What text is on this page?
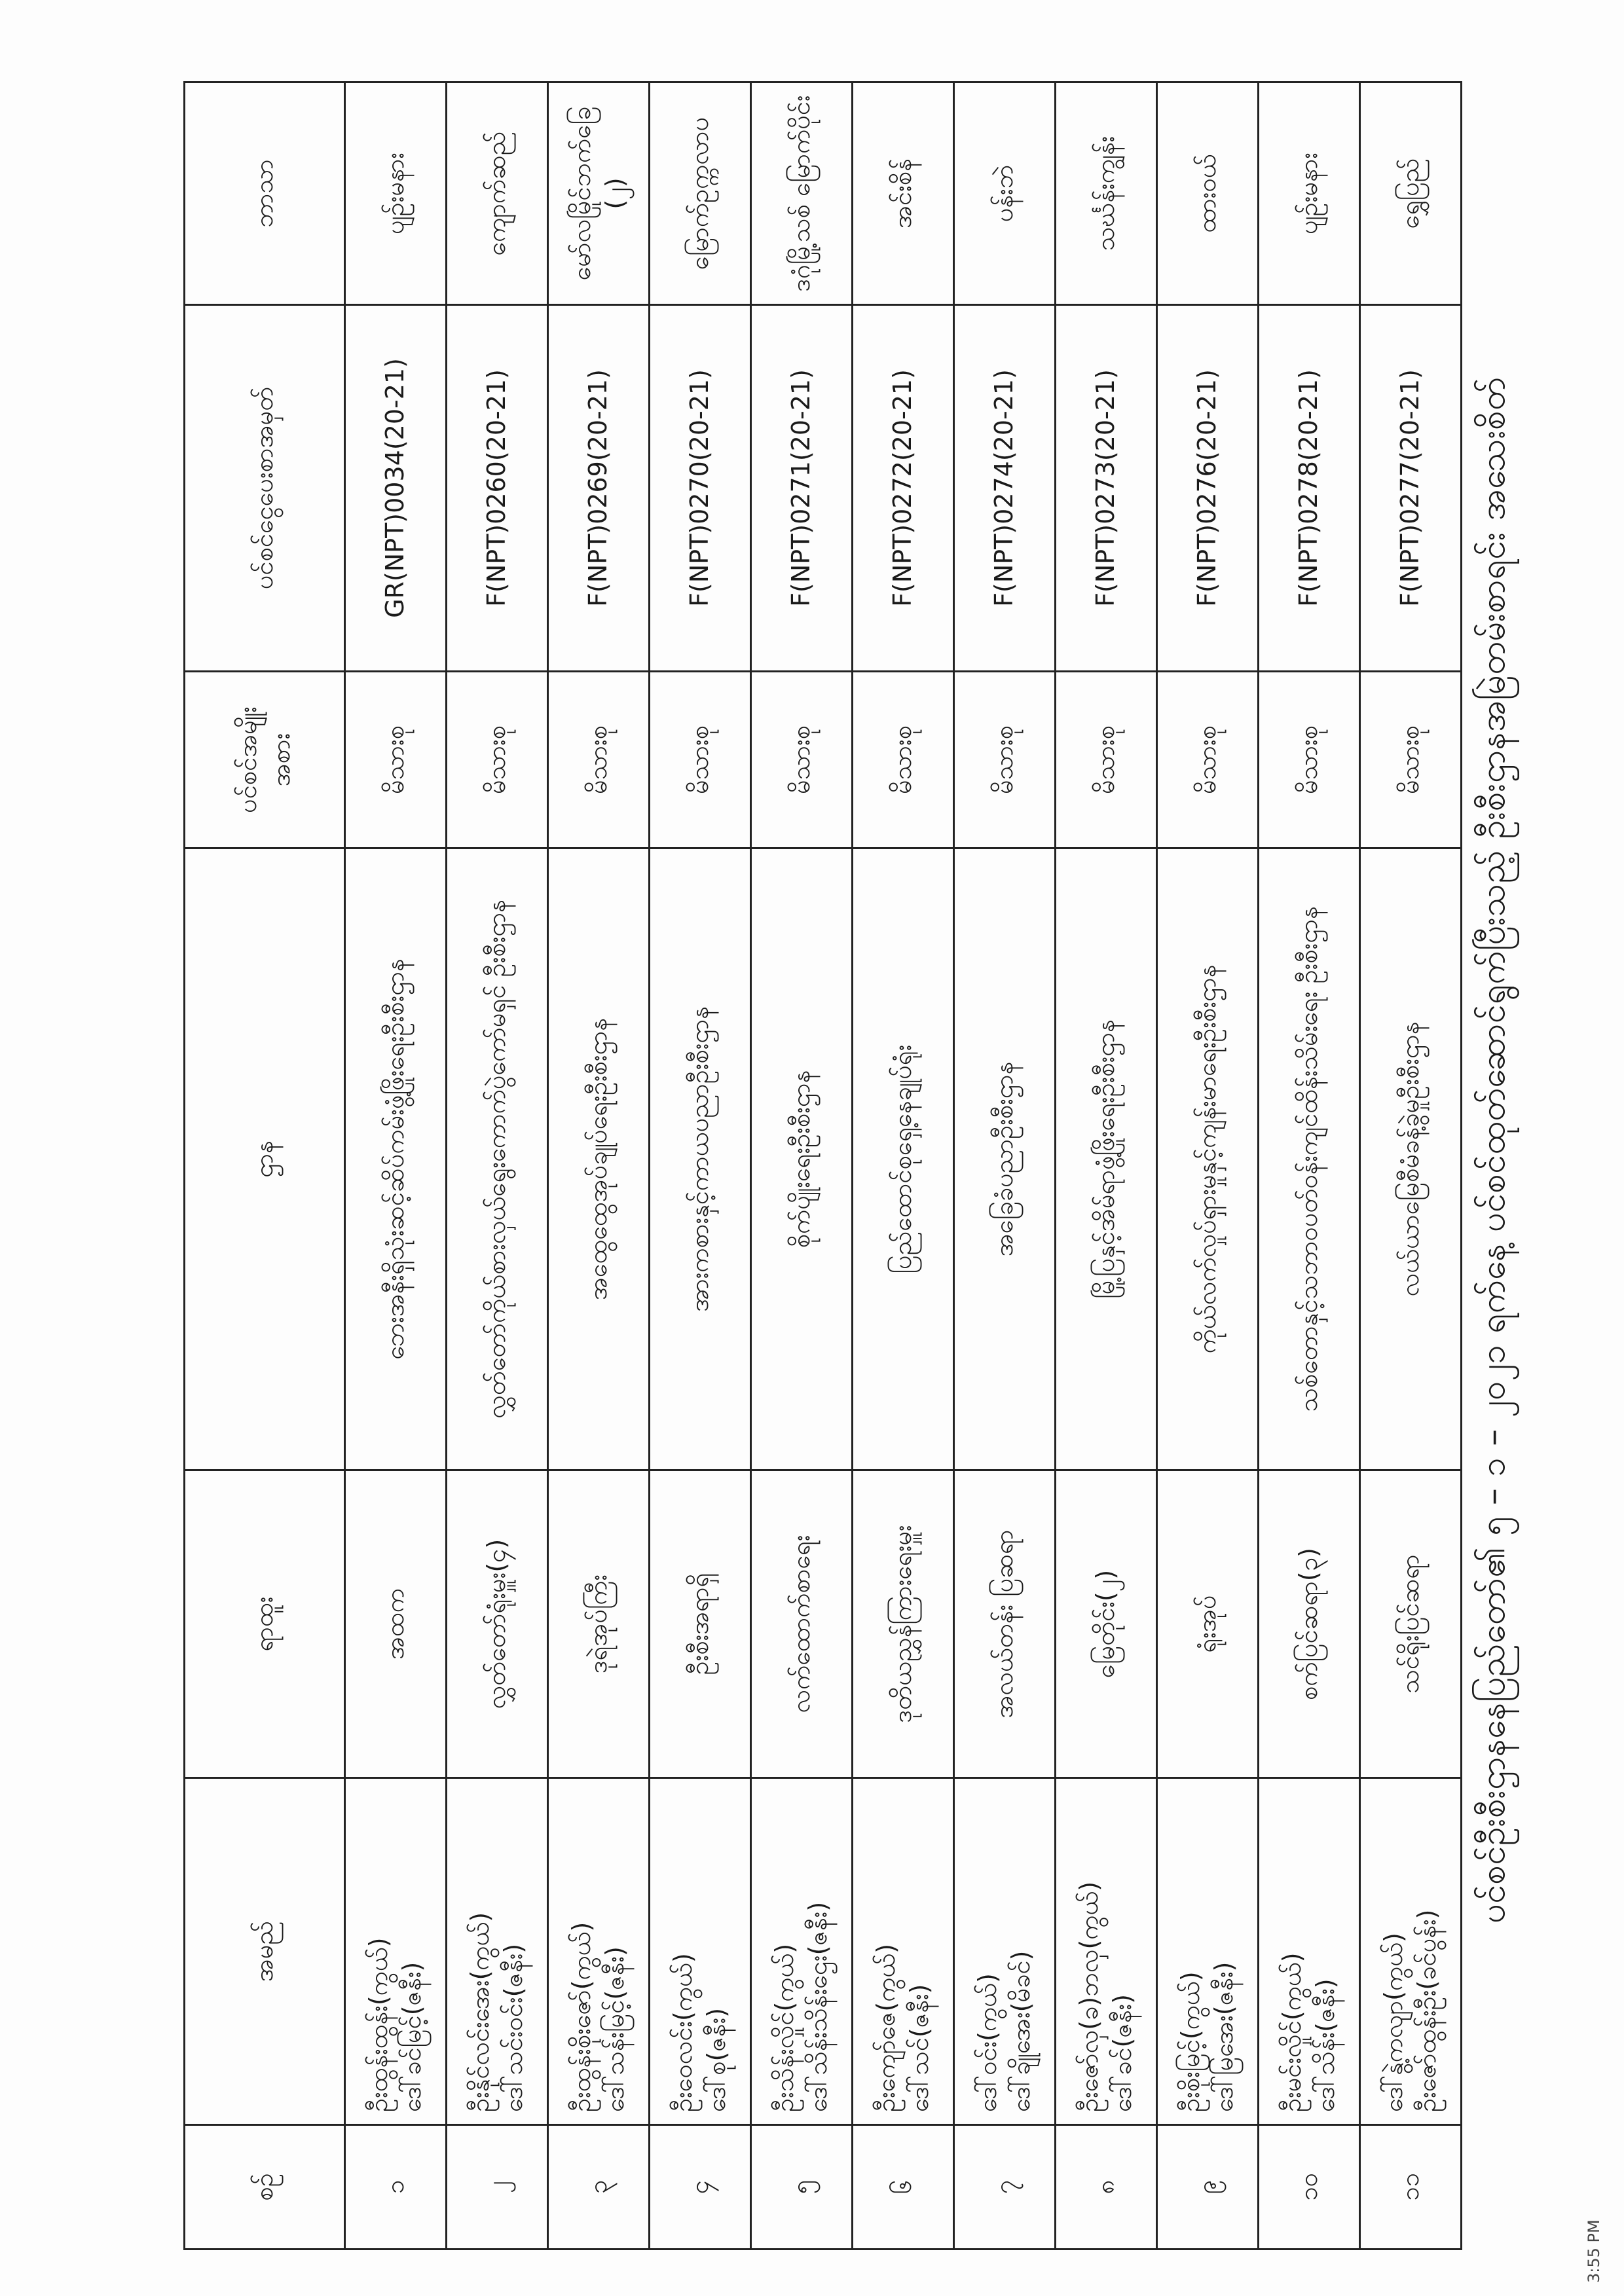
ပင်စင်ဦးစီးဌာနနေပြည်တော်၏ ၅ – ၁ – ၂၀၂၁ ရက်နေ့ ပင်စင်ထုတ်ဆောင်ရွက်ပြီးသည့် ဦးစီးဌာနအမြဲတမ်းစာရင်း အသေးစိတ်
စဉ်	အမည်	ရာထူး	ဌာန	ပင်စင်အမျိုးအစား	ပင်စင်ငွေပေးစာအမှတ်	ဘာသာ
၁	ဦးထွန်းထွန်း(ကွယ်) ဒေါ်ခင်မြင့်(ဇနီး)	အထက	ဘေးအနီးရှိသုံးဆင့်ဆိပ်ကမ်းဖွံ့ဖြိုးရေးဦးစီးဌာန	မိသားစု	GR(NPT)0034(20-21)	ပျဉ်းမနား
၂	ဦးနိုင်လင်းအေး(ကွယ်) ဒေါ်သင်းဝင်း(ဇနီး)	လွှတ်တော်ရုံးမှူး(၄)	လွှတ်တော်ကိုယ်စားလှယ်ရွေးကောက်ပွဲကော်မရှင် ဦးစီးဌာန	မိသားစု	F(NPT)0260(20-21)	ကျောက်ဆည်
၃	ဦးထွန်းစိုးဇော်(ကွယ်) ဒေါ်သန်းမြင့်(ဇနီး)	ဒုရဲအုပ်ကြီး	အထွေထွေအုပ်ချုပ်ရေးဦးစီးဌာန	မိသားစု	F(NPT)0269(20-21)	မော်လမြိုင်ဘက်ခြေ (၂)
၄	ဦးဝေလင်း(ကွယ်) ဒေါ်စု(ဇနီး)	ဦးစီးအရာရှိ	အားကစားနှင့်ကာယပညာဦးစီးဌာန	မိသားစု	F(NPT)0270(20-21)	မြောက်ဥက္ကလာပ
၅	ဦးသိန်းလှိုင်(ကွယ်) ဒေါ်သိန်းသိန်းဌေး(ဇနီး)	လက်ထောက်စာရေး	စိုက်ပျိုးရေးဦးစီးဌာန	မိသားစု	F(NPT)0271(20-21)	ဒဂုံမြို့သစ် မြောက်ပိုင်း
၆	ဦးကျော်ဇေ(ကွယ်) ဒေါ်သင်(ဇနီး)	ဒုတိယညွှန်ကြားရေးမှူး	ပြည်ထောင်စုရှေ့နေချုပ်ရုံး	မိသားစု	F(NPT)0272(20-21)	အင်းစိန်
၇	ဒေါ်ဝင်း(ကွယ်) ဒေါ်ချိုအေး(မိခင်)	အလယ်တန်း ပြဆရာ	အခြေခံပညာဦးစီးဌာန	မိသားစု	F(NPT)0274(20-21)	ပန်းဘဲ
၈	ဦးဇော်လှ(ခ)ဘလှ(ကွယ်) ဒေါ်ခင်(ဇနီး)	မြေတိုင်း(၂)	မြို့ပြနှင့်အိမ်ရာဖွံ့ဖြိုးရေးဦးစီးဌာန	မိသားစု	F(NPT)0273(20-21)	သင်္ဃန်းကျွန်း
၉	ဦးစိုးမြင့်(ကွယ်) ဒေါ်မြအေး(ဇနီး)	ရုံးအုပ်	ကိုယ်လက်လှုပ်ရှားမှုနှင့်ကျန်းမာရေးဦးစီးဌာန	မိသားစု	F(NPT)0276(20-21)	ထားဝယ်
၁၀	ဦးမင်းလှိုင်(ကွယ်) ဒေါ်သိန်း(ဇနီး)	စက်ပြင်ဆရာ(၃)	သစ်တောနှင့်သဘာဝပတ်ဝန်းကျင်ထိန်းသိမ်းရေး ဦးစီးဌာန	မိသားစု	F(NPT)0278(20-21)	ပျဉ်းမနား
၁၁	ဒေါ်နွဲ့ကလျာ(ကွယ်) ဦးဇော်ထွန်းဦး(ခင်ပွန်း)	သင်ရိုးပြင်ဆရာ	လယ်ယာမြေစီမံခန့်ခွဲမှုဦးစီးဌာန	မိသားစု	F(NPT)0277(20-21)	ရွှေပြည်
3:55 PM
